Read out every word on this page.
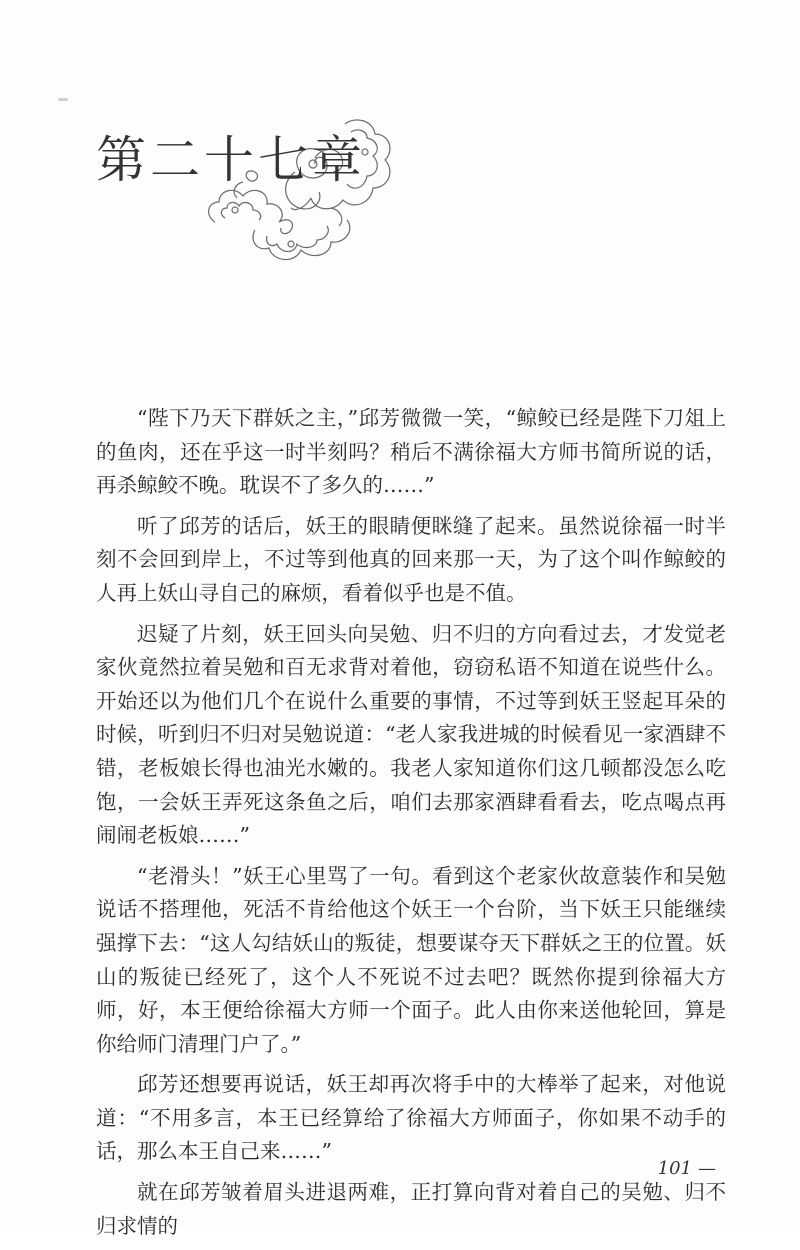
第二十七章

“陛下乃天下群妖之主，”邱芳微微一笑，“鲸鲛已经是陛下刀俎上的鱼肉，还在乎这一时半刻吗？稍后不满徐福大方师书简所说的话，再杀鲸鲛不晚。耽误不了多久的……”

听了邱芳的话后，妖王的眼睛便眯缝了起来。虽然说徐福一时半刻不会回到岸上，不过等到他真的回来那一天，为了这个叫作鲸鲛的人再上妖山寻自己的麻烦，看着似乎也是不值。

迟疑了片刻，妖王回头向吴勉、归不归的方向看过去，才发觉老家伙竟然拉着吴勉和百无求背对着他，窃窃私语不知道在说些什么。开始还以为他们几个在说什么重要的事情，不过等到妖王竖起耳朵的时候，听到归不归对吴勉说道：“老人家我进城的时候看见一家酒肆不错，老板娘长得也油光水嫩的。我老人家知道你们这几顿都没怎么吃饱，一会妖王弄死这条鱼之后，咱们去那家酒肆看看去，吃点喝点再闹闹老板娘……”

“老滑头！”妖王心里骂了一句。看到这个老家伙故意装作和吴勉说话不搭理他，死活不肯给他这个妖王一个台阶，当下妖王只能继续强撑下去：“这人勾结妖山的叛徒，想要谋夺天下群妖之王的位置。妖山的叛徒已经死了，这个人不死说不过去吧？既然你提到徐福大方师，好，本王便给徐福大方师一个面子。此人由你来送他轮回，算是你给师门清理门户了。”

邱芳还想要再说话，妖王却再次将手中的大棒举了起来，对他说道：“不用多言，本王已经算给了徐福大方师面子，你如果不动手的话，那么本王自己来……”

就在邱芳皱着眉头进退两难，正打算向背对着自己的吴勉、归不归求情的

101 —
